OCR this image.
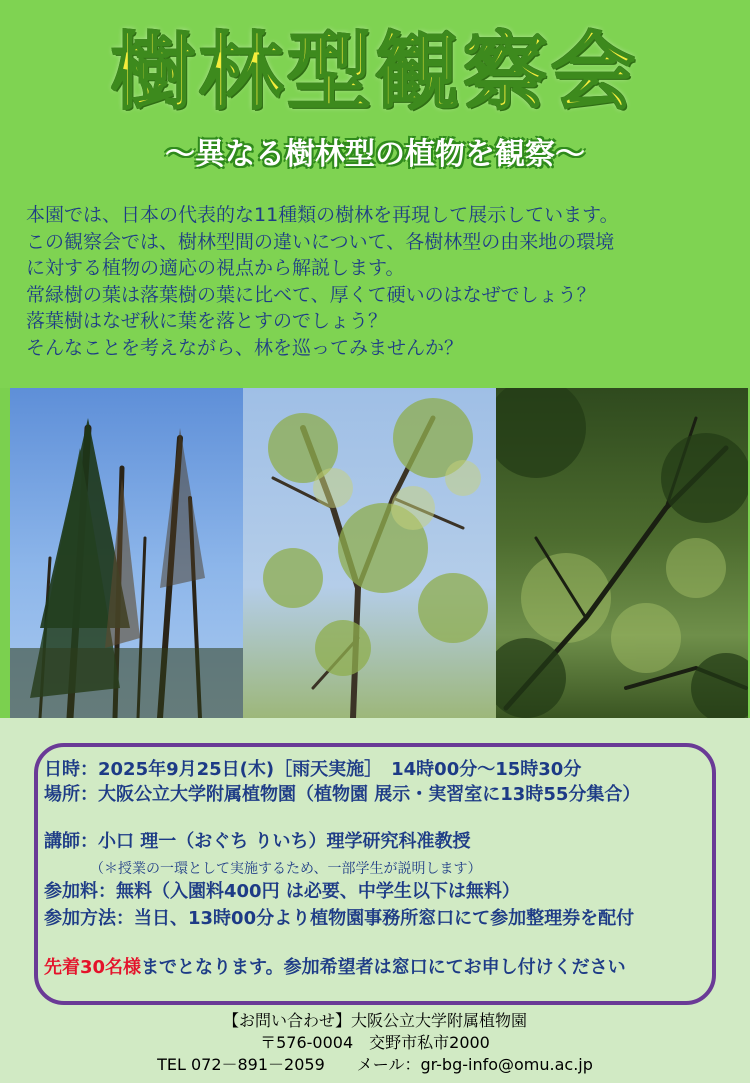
樹林型観察会
～異なる樹林型の植物を観察～
本園では、日本の代表的な11種類の樹林を再現して展示しています。
この観察会では、樹林型間の違いについて、各樹林型の由来地の環境
に対する植物の適応の視点から解説します。
常緑樹の葉は落葉樹の葉に比べて、厚くて硬いのはなぜでしょう？
落葉樹はなぜ秋に葉を落とすのでしょう？
そんなことを考えながら、林を巡ってみませんか？
日時：2025年9月25日(木)［雨天実施］　14時00分～15時30分
場所：大阪公立大学附属植物園（植物園 展示・実習室に13時55分集合）
講師：小口 理一（おぐち りいち）理学研究科准教授
（＊授業の一環として実施するため、一部学生が説明します）
参加料：無料（入園料400円 は必要、中学生以下は無料）
参加方法：当日、13時00分より植物園事務所窓口にて参加整理券を配付
先着30名様までとなります。参加希望者は窓口にてお申し付けください
【お問い合わせ】大阪公立大学附属植物園
〒576-0004　交野市私市2000
TEL 072－891－2059　　メール：gr-bg-info@omu.ac.jp
